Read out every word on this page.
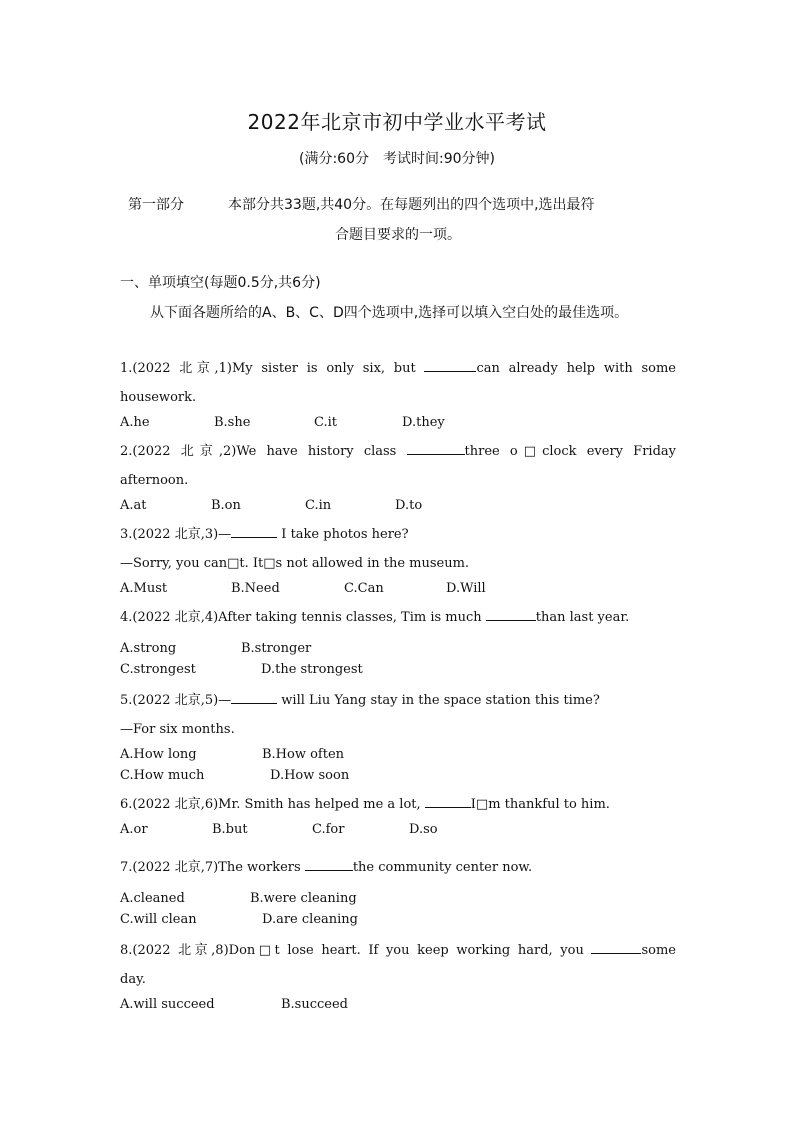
2022年北京市初中学业水平考试
(满分:60分　考试时间:90分钟)
第一部分	本部分共33题,共40分。在每题列出的四个选项中,选出最符
合题目要求的一项。
一、单项填空(每题0.5分,共6分)
从下面各题所给的A、B、C、D四个选项中,选择可以填入空白处的最佳选项。
1.(2022 北京,1)My sister is only six, but	can already help with some
housework.
A.he	B.she	C.it	D.they
2.(2022 北京,2)We have history class	three o□clock every Friday
afternoon.
A.at	B.on	C.in	D.to
3.(2022 北京,3)—	I take photos here?
—Sorry, you can□t. It□s not allowed in the museum.
A.Must	B.Need	C.Can	D.Will
4.(2022 北京,4)After taking tennis classes, Tim is much	than last year.
A.strong	B.stronger
C.strongest	D.the strongest
5.(2022 北京,5)—	will Liu Yang stay in the space station this time?
—For six months.
A.How long	B.How often
C.How much	D.How soon
6.(2022 北京,6)Mr. Smith has helped me a lot,	I□m thankful to him.
A.or	B.but	C.for	D.so
7.(2022 北京,7)The workers	the community center now.
A.cleaned	B.were cleaning
C.will clean	D.are cleaning
8.(2022 北京,8)Don□t lose heart. If you keep working hard, you	some
day.
A.will succeed	B.succeed
